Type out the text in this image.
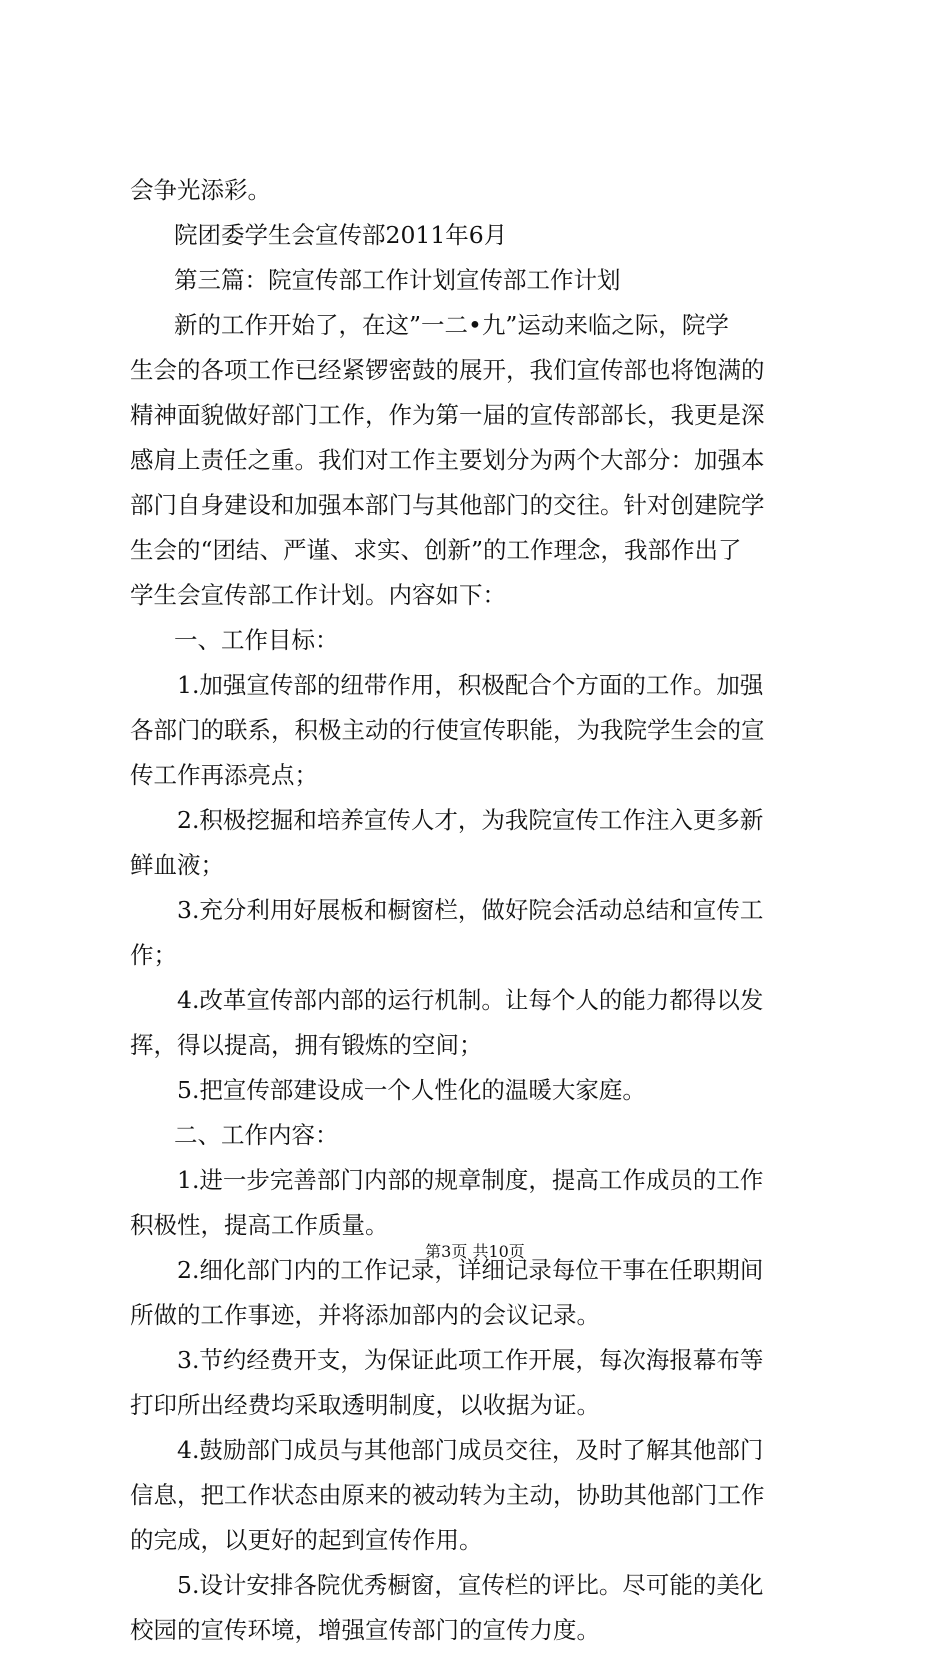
会争光添彩。
院团委学生会宣传部2011年6月
第三篇：院宣传部工作计划宣传部工作计划
新的工作开始了，在这”一二•九”运动来临之际，院学
生会的各项工作已经紧锣密鼓的展开，我们宣传部也将饱满的
精神面貌做好部门工作，作为第一届的宣传部部长，我更是深
感肩上责任之重。我们对工作主要划分为两个大部分：加强本
部门自身建设和加强本部门与其他部门的交往。针对创建院学
生会的“团结、严谨、求实、创新”的工作理念，我部作出了
学生会宣传部工作计划。内容如下：
一、工作目标：
1.加强宣传部的纽带作用，积极配合个方面的工作。加强
各部门的联系，积极主动的行使宣传职能，为我院学生会的宣
传工作再添亮点；
2.积极挖掘和培养宣传人才，为我院宣传工作注入更多新
鲜血液；
3.充分利用好展板和橱窗栏，做好院会活动总结和宣传工
作；
4.改革宣传部内部的运行机制。让每个人的能力都得以发
挥，得以提高，拥有锻炼的空间；
5.把宣传部建设成一个人性化的温暖大家庭。
二、工作内容：
1.进一步完善部门内部的规章制度，提高工作成员的工作
积极性，提高工作质量。
2.细化部门内的工作记录，详细记录每位干事在任职期间
所做的工作事迹，并将添加部内的会议记录。
3.节约经费开支，为保证此项工作开展，每次海报幕布等
打印所出经费均采取透明制度，以收据为证。
4.鼓励部门成员与其他部门成员交往，及时了解其他部门
信息，把工作状态由原来的被动转为主动，协助其他部门工作
的完成，以更好的起到宣传作用。
5.设计安排各院优秀橱窗，宣传栏的评比。尽可能的美化
校园的宣传环境，增强宣传部门的宣传力度。
第3页 共10页
